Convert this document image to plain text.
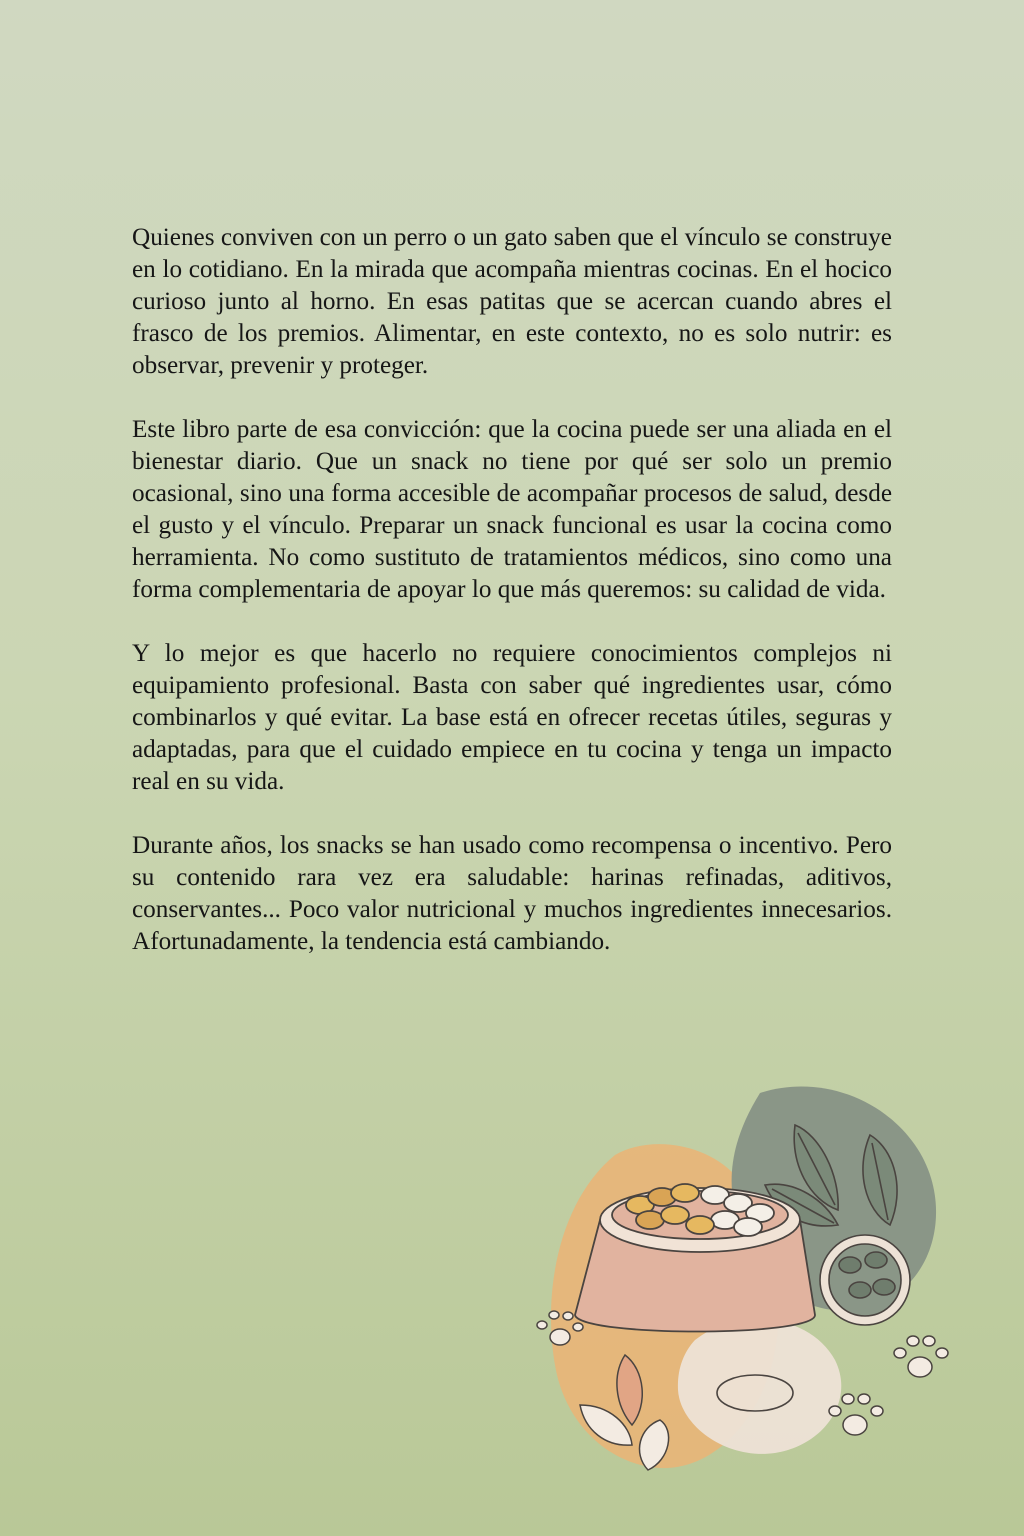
Quienes conviven con un perro o un gato saben que el vínculo se construye en lo cotidiano. En la mirada que acompaña mientras cocinas. En el hocico curioso junto al horno. En esas patitas que se acercan cuando abres el frasco de los premios. Alimentar, en este contexto, no es solo nutrir: es observar, prevenir y proteger.

Este libro parte de esa convicción: que la cocina puede ser una aliada en el bienestar diario. Que un snack no tiene por qué ser solo un premio ocasional, sino una forma accesible de acompañar procesos de salud, desde el gusto y el vínculo. Preparar un snack funcional es usar la cocina como herramienta. No como sustituto de tratamientos médicos, sino como una forma complementaria de apoyar lo que más queremos: su calidad de vida.

Y lo mejor es que hacerlo no requiere conocimientos complejos ni equipamiento profesional. Basta con saber qué ingredientes usar, cómo combinarlos y qué evitar. La base está en ofrecer recetas útiles, seguras y adaptadas, para que el cuidado empiece en tu cocina y tenga un impacto real en su vida.

Durante años, los snacks se han usado como recompensa o incentivo. Pero su contenido rara vez era saludable: harinas refinadas, aditivos, conservantes... Poco valor nutricional y muchos ingredientes innecesarios. Afortunadamente, la tendencia está cambiando.
